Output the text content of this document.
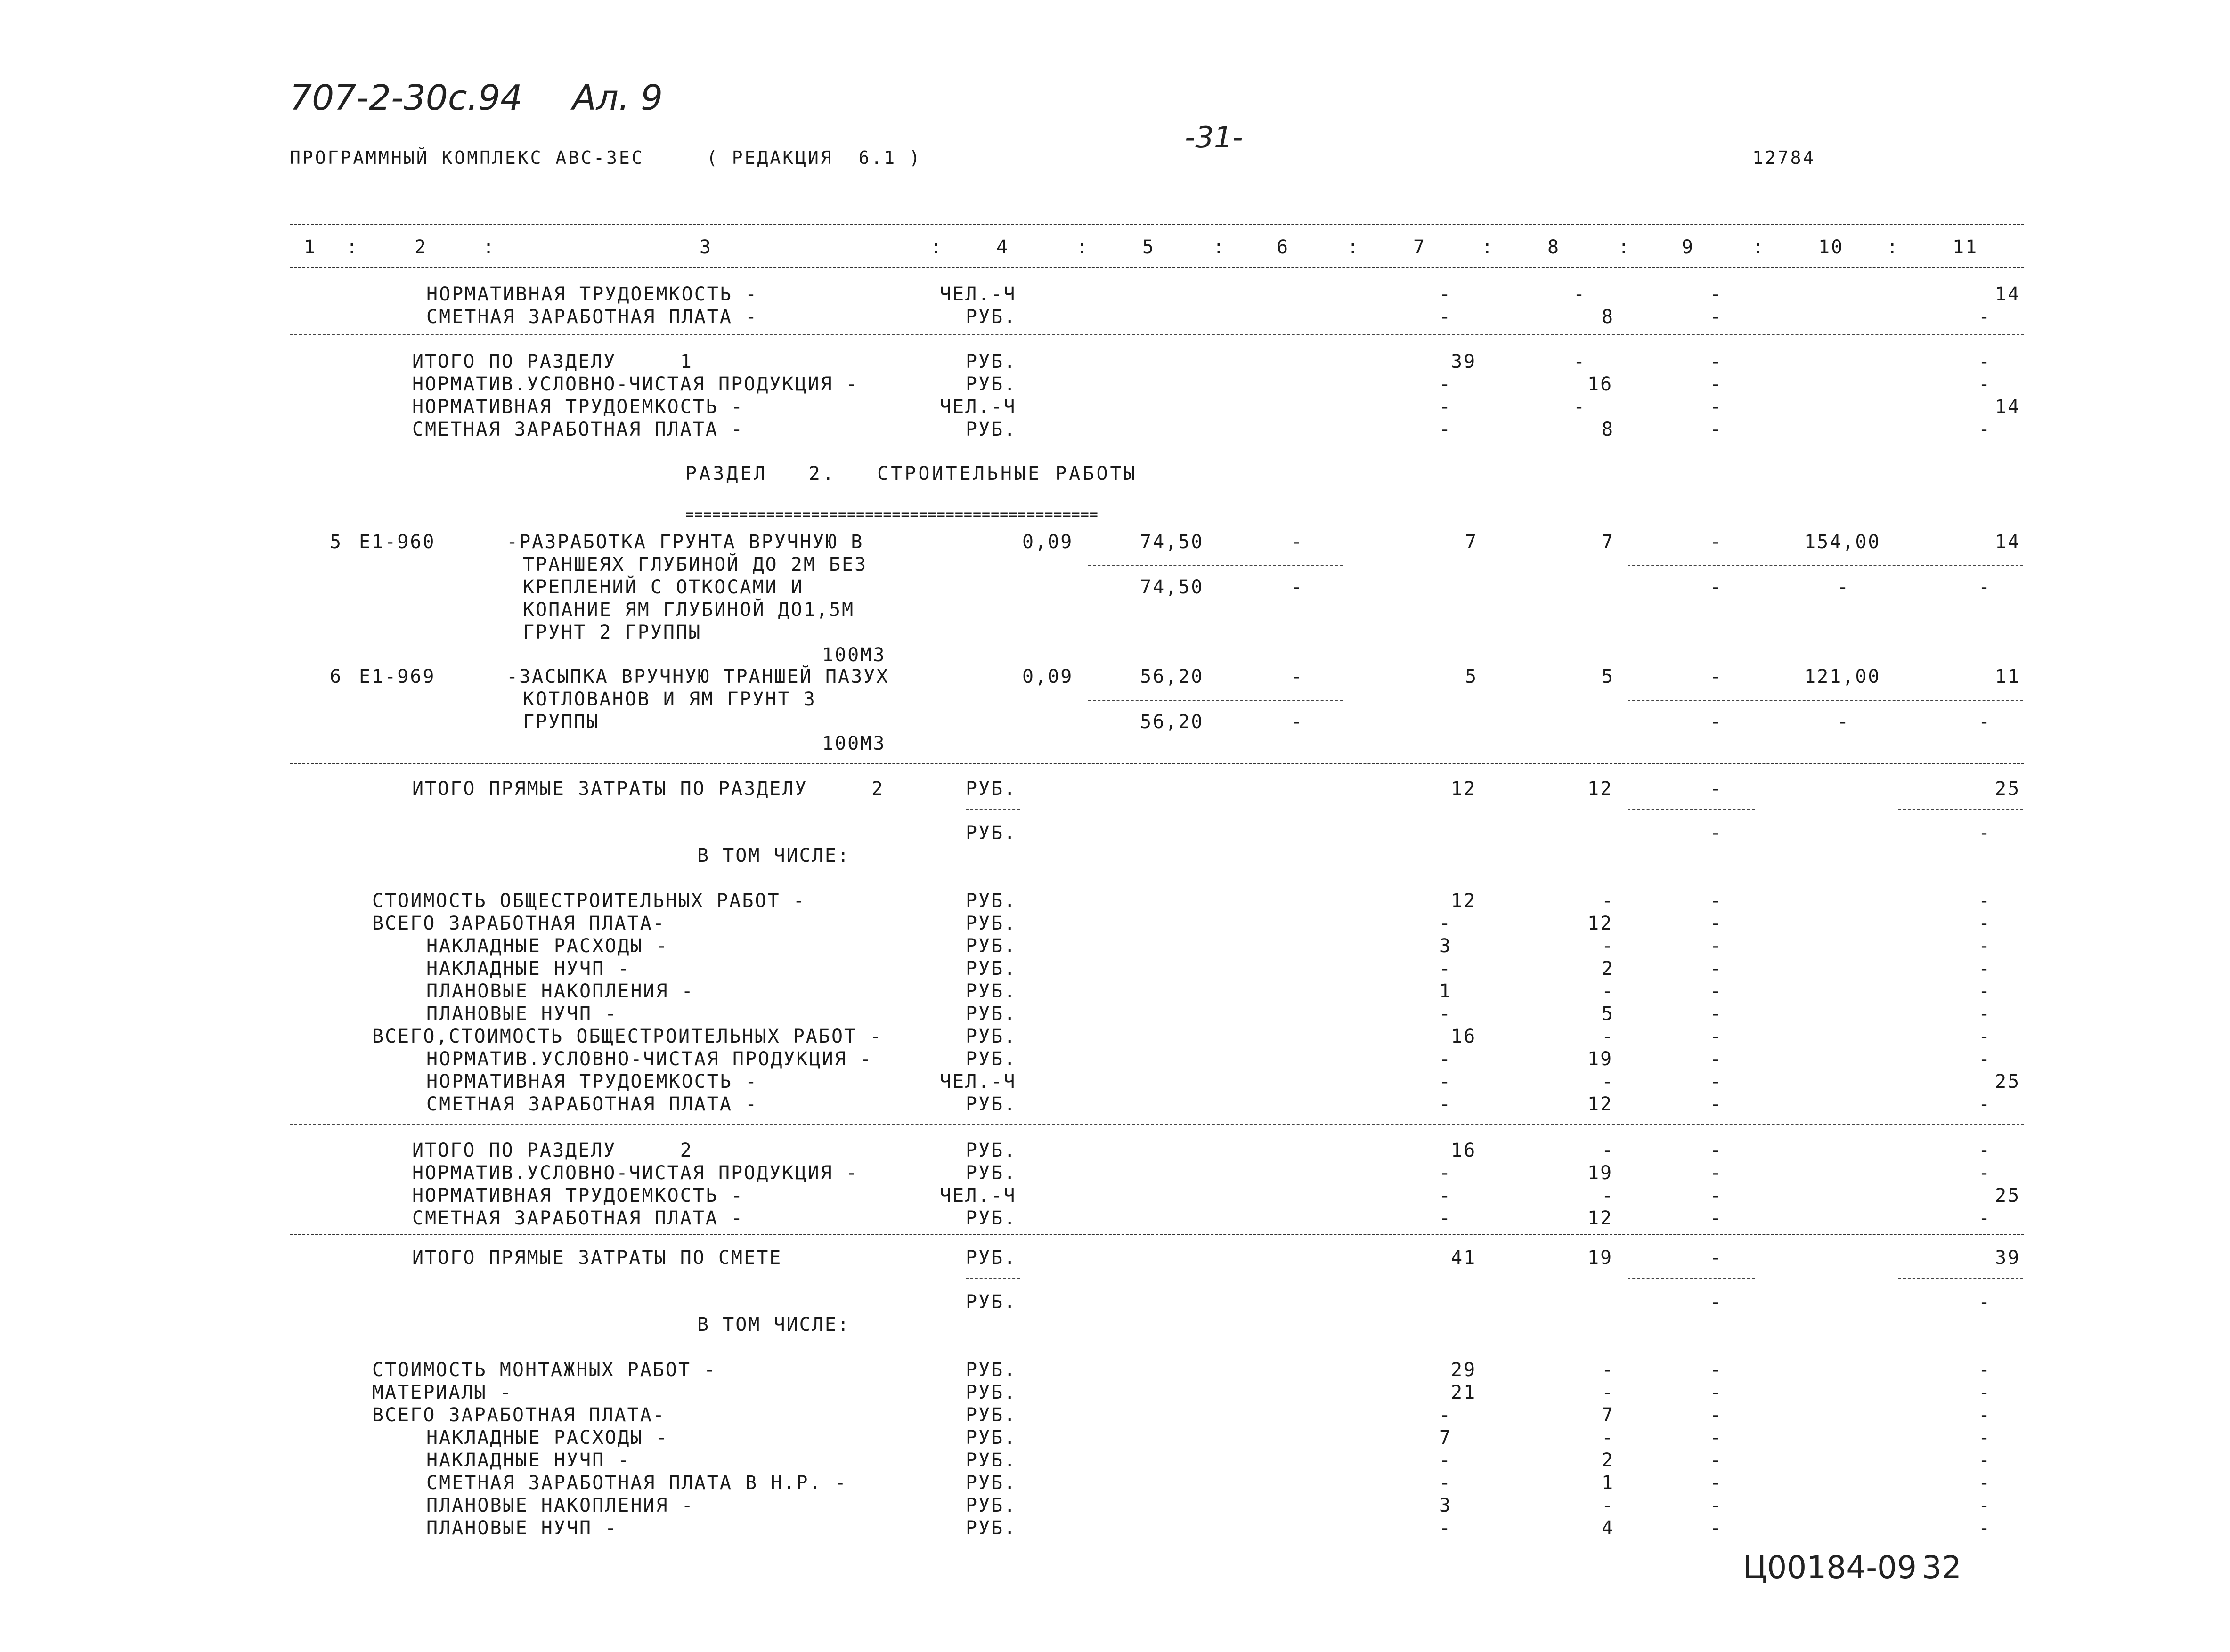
707-2-30с.94 Ал. 9
ПРОГРАММНЫЙ КОМПЛЕКС АВС-3ЕС	( РЕДАКЦИЯ  6.1 )
-31-
12784
1 :	2	:	3	:	4	:	5	:	6	:	7	:	8	:	9	:	10 :	11
НОРМАТИВНАЯ ТРУДОЕМКОСТЬ -	ЧЕЛ.-Ч	-	-	-	14
СМЕТНАЯ ЗАРАБОТНАЯ ПЛАТА -	РУБ.	-	8	-	-
ИТОГО ПО РАЗДЕЛУ     1	РУБ.	39	-	-	-
НОРМАТИВ.УСЛОВНО-ЧИСТАЯ ПРОДУКЦИЯ -	РУБ.	-	16	-	-
НОРМАТИВНАЯ ТРУДОЕМКОСТЬ -	ЧЕЛ.-Ч	-	-	-	14
СМЕТНАЯ ЗАРАБОТНАЯ ПЛАТА -	РУБ.	-	8	-	-
РАЗДЕЛ   2.   СТРОИТЕЛЬНЫЕ РАБОТЫ
==============================================
5 Е1-960	-РАЗРАБОТКА ГРУНТА ВРУЧНУЮ В	0,09	74,50	-	7	7	-	154,00	14
ТРАНШЕЯХ ГЛУБИНОЙ ДО 2М БЕЗ
КРЕПЛЕНИЙ С ОТКОСАМИ И	74,50	-	-	-	-
КОПАНИЕ ЯМ ГЛУБИНОЙ ДО1,5М
ГРУНТ 2 ГРУППЫ
100М3
6 Е1-969	-ЗАСЫПКА ВРУЧНУЮ ТРАНШЕЙ ПАЗУХ	0,09	56,20	-	5	5	-	121,00	11
КОТЛОВАНОВ И ЯМ ГРУНТ 3
ГРУППЫ	56,20	-	-	-	-
100М3
ИТОГО ПРЯМЫЕ ЗАТРАТЫ ПО РАЗДЕЛУ     2	РУБ.	12	12	-	25
РУБ.	-	-
В ТОМ ЧИСЛЕ:
СТОИМОСТЬ ОБЩЕСТРОИТЕЛЬНЫХ РАБОТ -	РУБ.	12	-	-	-
ВСЕГО ЗАРАБОТНАЯ ПЛАТА-	РУБ.	-	12	-	-
НАКЛАДНЫЕ РАСХОДЫ -	РУБ.	3	-	-	-
НАКЛАДНЫЕ НУЧП -	РУБ.	-	2	-	-
ПЛАНОВЫЕ НАКОПЛЕНИЯ -	РУБ.	1	-	-	-
ПЛАНОВЫЕ НУЧП -	РУБ.	-	5	-	-
ВСЕГО,СТОИМОСТЬ ОБЩЕСТРОИТЕЛЬНЫХ РАБОТ -	РУБ.	16	-	-	-
НОРМАТИВ.УСЛОВНО-ЧИСТАЯ ПРОДУКЦИЯ -	РУБ.	-	19	-	-
НОРМАТИВНАЯ ТРУДОЕМКОСТЬ -	ЧЕЛ.-Ч	-	-	-	25
СМЕТНАЯ ЗАРАБОТНАЯ ПЛАТА -	РУБ.	-	12	-	-
ИТОГО ПО РАЗДЕЛУ     2	РУБ.	16	-	-	-
НОРМАТИВ.УСЛОВНО-ЧИСТАЯ ПРОДУКЦИЯ -	РУБ.	-	19	-	-
НОРМАТИВНАЯ ТРУДОЕМКОСТЬ -	ЧЕЛ.-Ч	-	-	-	25
СМЕТНАЯ ЗАРАБОТНАЯ ПЛАТА -	РУБ.	-	12	-	-
ИТОГО ПРЯМЫЕ ЗАТРАТЫ ПО СМЕТЕ	РУБ.	41	19	-	39
РУБ.	-	-
В ТОМ ЧИСЛЕ:
СТОИМОСТЬ МОНТАЖНЫХ РАБОТ -	РУБ.	29	-	-	-
МАТЕРИАЛЫ -	РУБ.	21	-	-	-
ВСЕГО ЗАРАБОТНАЯ ПЛАТА-	РУБ.	-	7	-	-
НАКЛАДНЫЕ РАСХОДЫ -	РУБ.	7	-	-	-
НАКЛАДНЫЕ НУЧП -	РУБ.	-	2	-	-
СМЕТНАЯ ЗАРАБОТНАЯ ПЛАТА В Н.Р. -	РУБ.	-	1	-	-
ПЛАНОВЫЕ НАКОПЛЕНИЯ -	РУБ.	3	-	-	-
ПЛАНОВЫЕ НУЧП -	РУБ.	-	4	-	-
Ц00184-09 32
